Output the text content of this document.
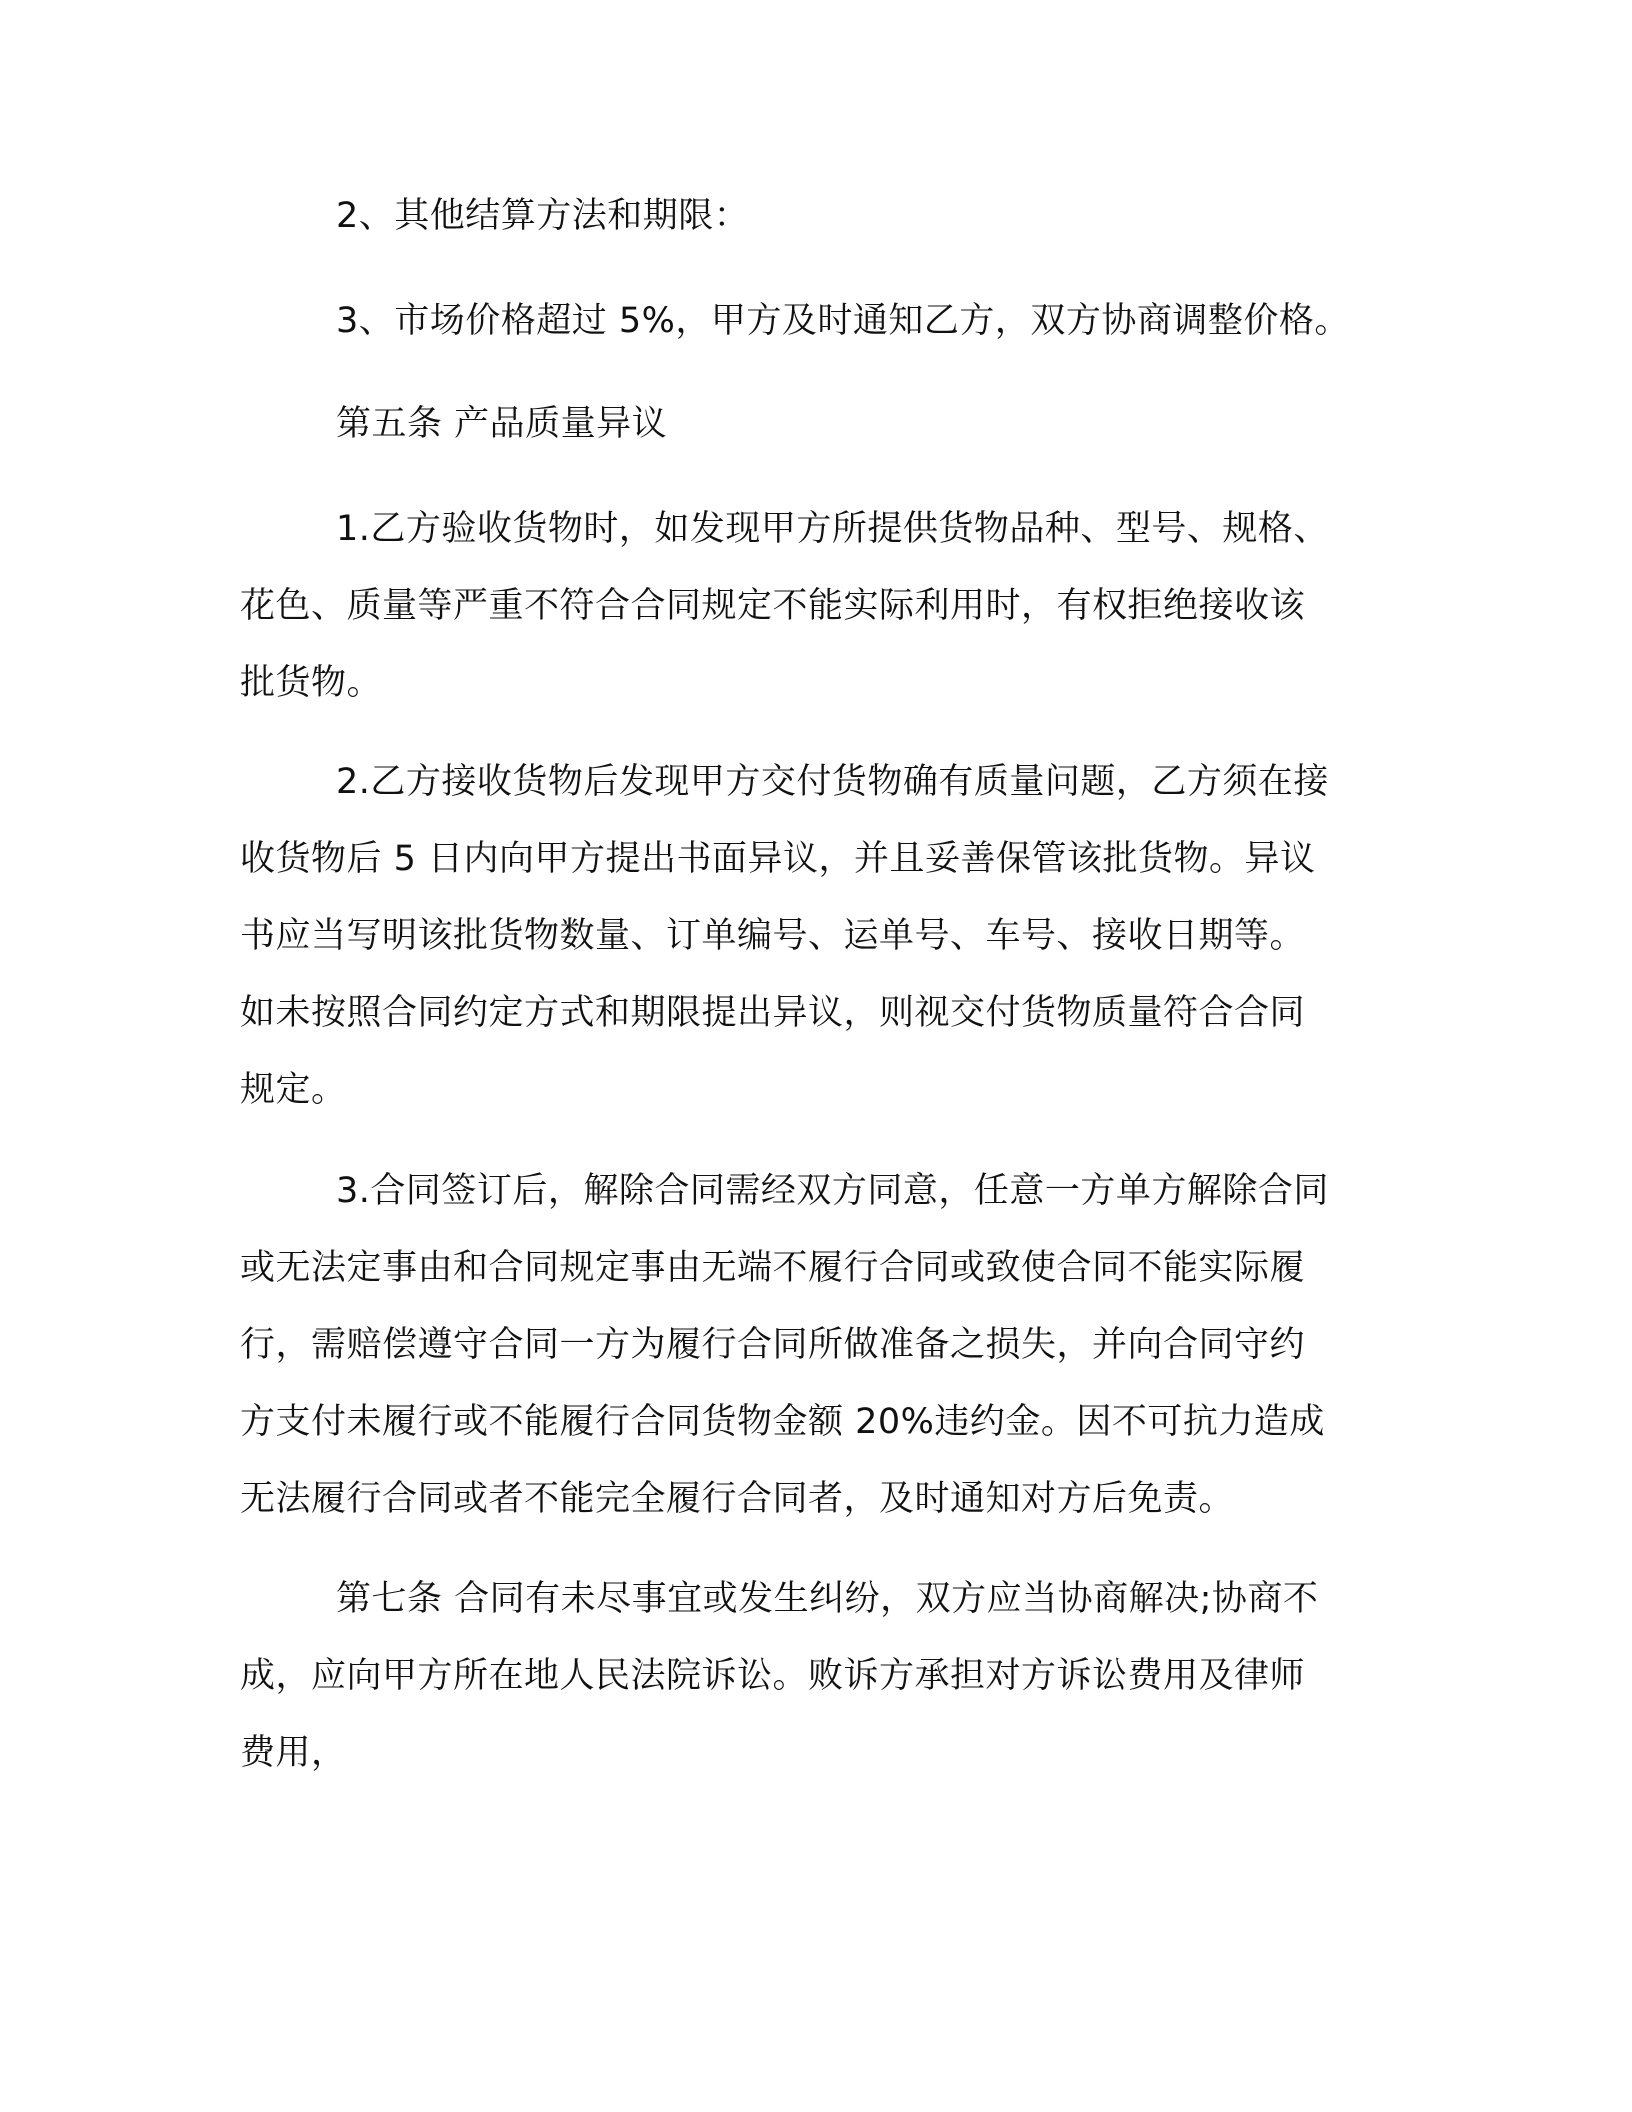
2、其他结算方法和期限：

3、市场价格超过 5%，甲方及时通知乙方，双方协商调整价格。

第五条 产品质量异议

1.乙方验收货物时，如发现甲方所提供货物品种、型号、规格、
花色、质量等严重不符合合同规定不能实际利用时，有权拒绝接收该
批货物。

2.乙方接收货物后发现甲方交付货物确有质量问题，乙方须在接
收货物后 5 日内向甲方提出书面异议，并且妥善保管该批货物。异议
书应当写明该批货物数量、订单编号、运单号、车号、接收日期等。
如未按照合同约定方式和期限提出异议，则视交付货物质量符合合同
规定。

3.合同签订后，解除合同需经双方同意，任意一方单方解除合同
或无法定事由和合同规定事由无端不履行合同或致使合同不能实际履
行，需赔偿遵守合同一方为履行合同所做准备之损失，并向合同守约
方支付未履行或不能履行合同货物金额 20%违约金。因不可抗力造成
无法履行合同或者不能完全履行合同者，及时通知对方后免责。

第七条 合同有未尽事宜或发生纠纷，双方应当协商解决;协商不
成，应向甲方所在地人民法院诉讼。败诉方承担对方诉讼费用及律师
费用，
